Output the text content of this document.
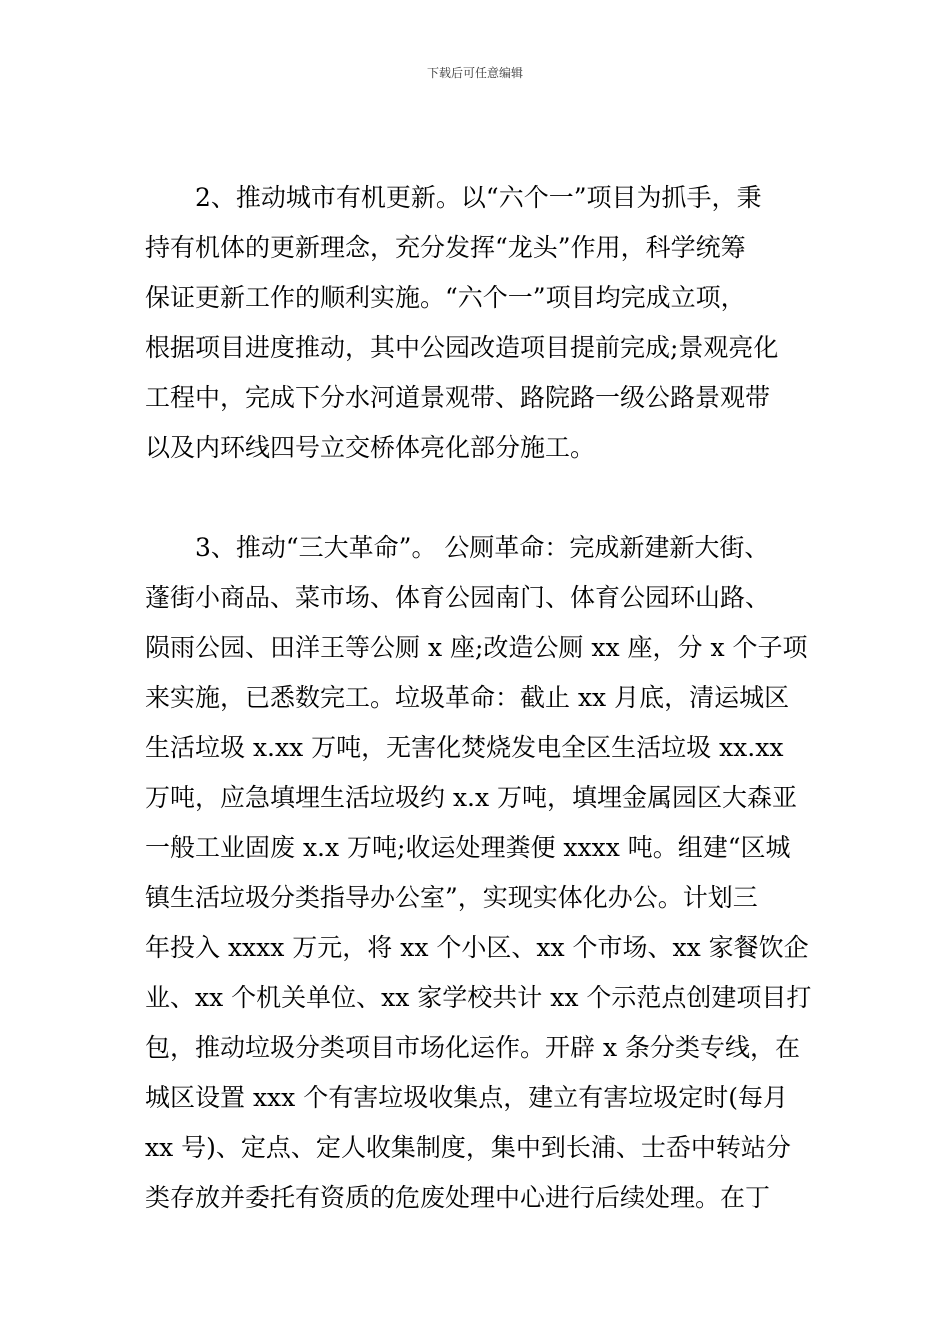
下载后可任意编辑
2、推动城市有机更新。以“六个一”项目为抓手，秉
持有机体的更新理念，充分发挥“龙头”作用，科学统筹
保证更新工作的顺利实施。“六个一”项目均完成立项，
根据项目进度推动，其中公园改造项目提前完成;景观亮化
工程中，完成下分水河道景观带、路院路一级公路景观带
以及内环线四号立交桥体亮化部分施工。
3、推动“三大革命”。 公厕革命：完成新建新大街、
蓬街小商品、菜市场、体育公园南门、体育公园环山路、
陨雨公园、田洋王等公厕 x 座;改造公厕 xx 座，分 x 个子项
来实施，已悉数完工。垃圾革命：截止 xx 月底，清运城区
生活垃圾 x.xx 万吨，无害化焚烧发电全区生活垃圾 xx.xx
万吨，应急填埋生活垃圾约 x.x 万吨，填埋金属园区大森亚
一般工业固废 x.x 万吨;收运处理粪便 xxxx 吨。组建“区城
镇生活垃圾分类指导办公室”，实现实体化办公。计划三
年投入 xxxx 万元，将 xx 个小区、xx 个市场、xx 家餐饮企
业、xx 个机关单位、xx 家学校共计 xx 个示范点创建项目打
包，推动垃圾分类项目市场化运作。开辟 x 条分类专线，在
城区设置 xxx 个有害垃圾收集点，建立有害垃圾定时(每月
xx 号)、定点、定人收集制度，集中到长浦、士岙中转站分
类存放并委托有资质的危废处理中心进行后续处理。在丁
